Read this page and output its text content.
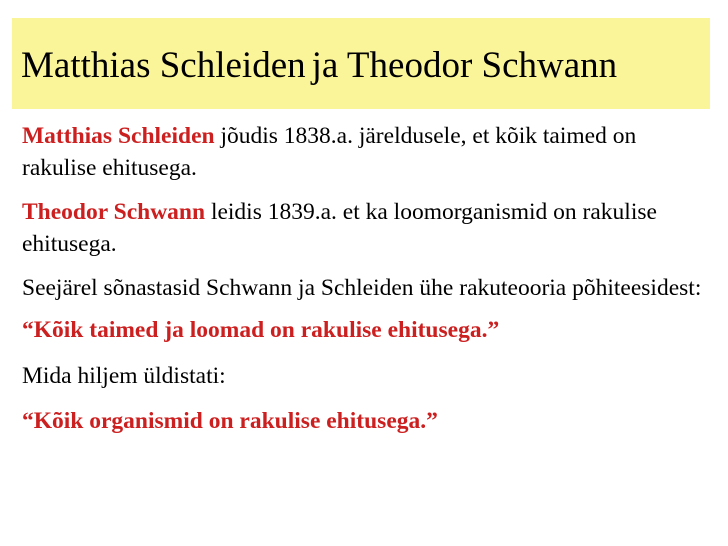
Matthias Schleiden ja Theodor Schwann

Matthias Schleiden jõudis 1838.a. järeldusele, et kõik taimed on rakulise ehitusega.

Theodor Schwann leidis 1839.a. et ka loomorganismid on rakulise ehitusega.

Seejärel sõnastasid Schwann ja Schleiden ühe rakuteooria põhiteesidest:

“Kõik taimed ja loomad on rakulise ehitusega.”

Mida hiljem üldistati:

“Kõik organismid on rakulise ehitusega.”
